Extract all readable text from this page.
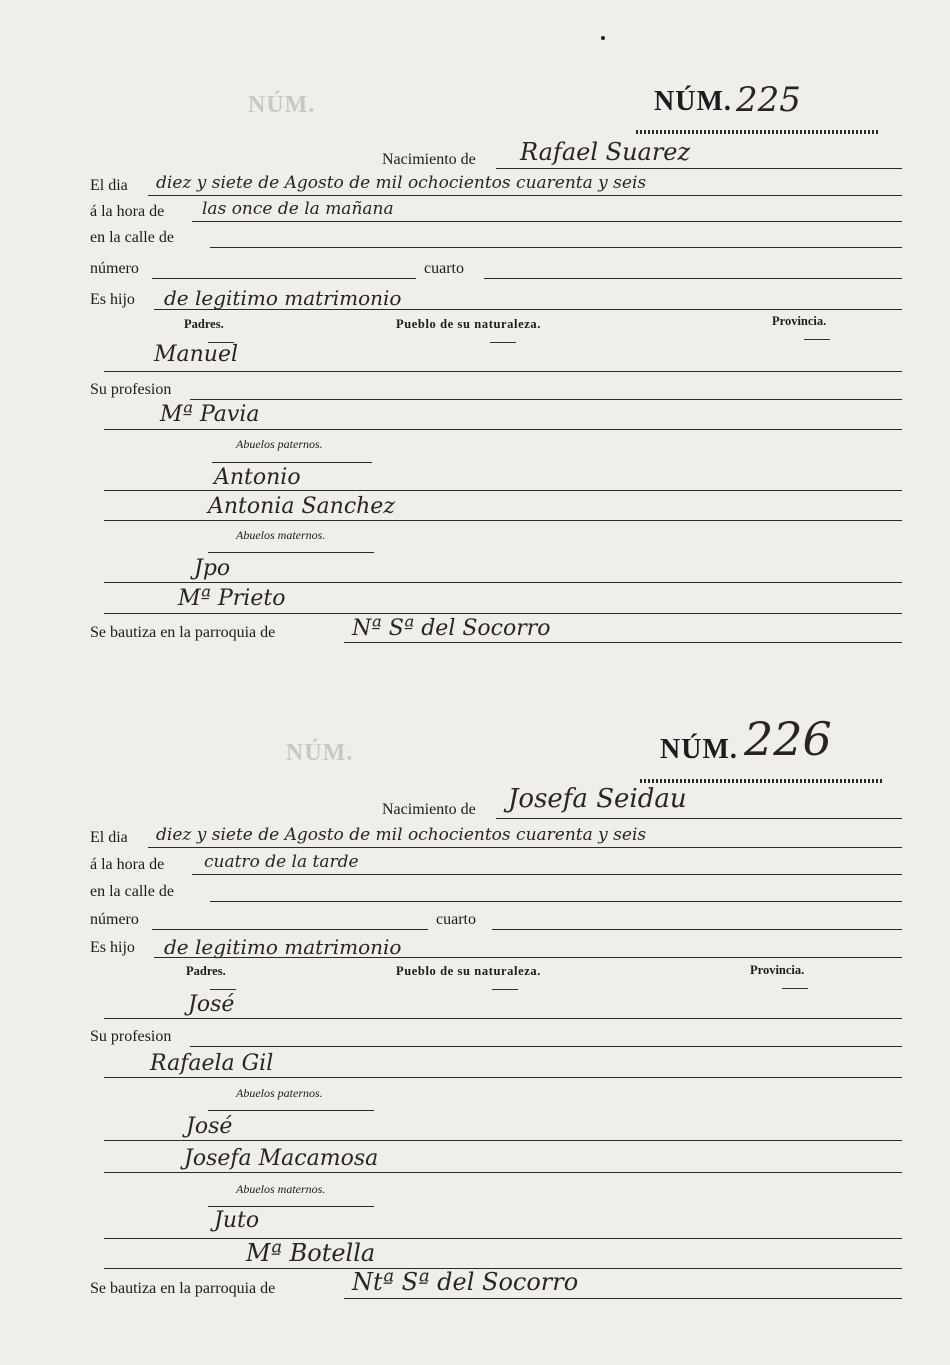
NÚM.
NÚM.
NÚM. 225
Nacimiento de Rafael Suarez
El dia diez y siete de Agosto de mil ochocientos cuarenta y seis
á la hora de las once de la mañana
en la calle de
número	cuarto
Es hijo de legitimo matrimonio
Padres.	Pueblo de su naturaleza.	Provincia.
Manuel
Su profesion
Mª Pavia
Abuelos paternos.
Antonio
Antonia Sanchez
Abuelos maternos.
Jpo
Mª Prieto
Se bautiza en la parroquia de	Nª Sª del Socorro
NÚM. 226
Nacimiento de Josefa Seidau
El dia diez y siete de Agosto de mil ochocientos cuarenta y seis
á la hora de cuatro de la tarde
en la calle de
número	cuarto
Es hijo de legitimo matrimonio
Padres.	Pueblo de su naturaleza.	Provincia.
José
Su profesion
Rafaela Gil
Abuelos paternos.
José
Josefa Macamosa
Abuelos maternos.
Juto
Mª Botella
Se bautiza en la parroquia de	Ntª Sª del Socorro
